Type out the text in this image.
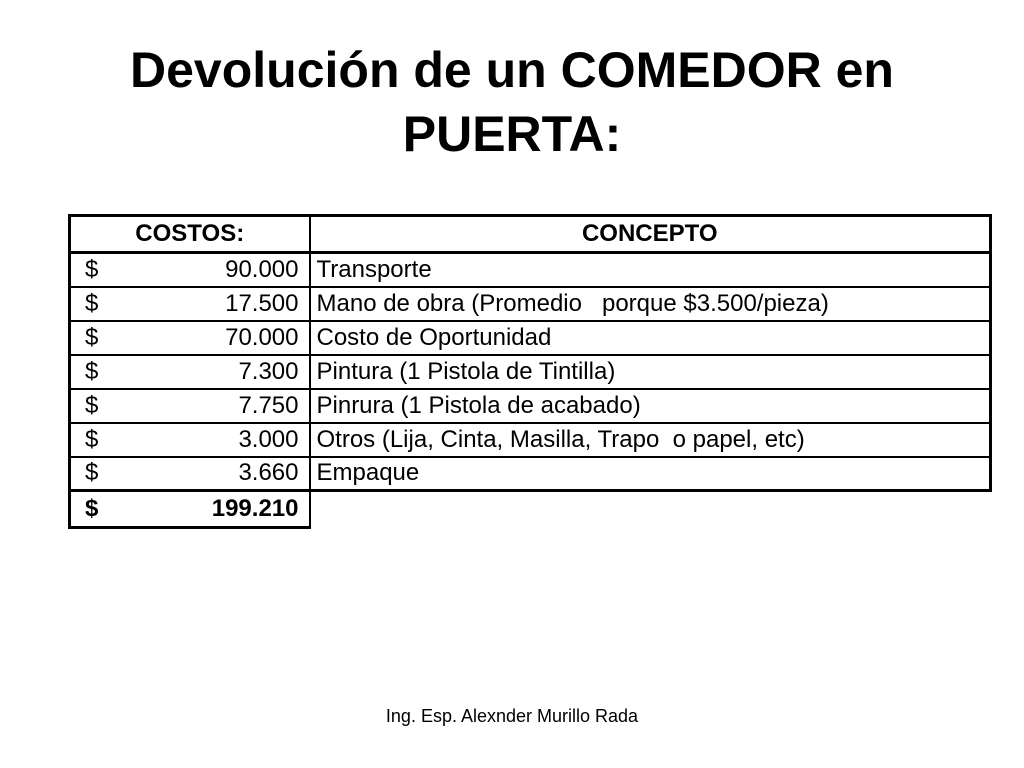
Devolución de un COMEDOR en
PUERTA:
COSTOS:	CONCEPTO

$ 90.000	Transporte

$ 17.500	Mano de obra (Promedio   porque $3.500/pieza)

$ 70.000	Costo de Oportunidad

$ 7.300	Pintura (1 Pistola de Tintilla)

$ 7.750	Pinrura (1 Pistola de acabado)

$ 3.000	Otros (Lija, Cinta, Masilla, Trapo  o papel, etc)

$ 3.660	Empaque

$ 199.210	

Ing. Esp. Alexnder Murillo Rada
